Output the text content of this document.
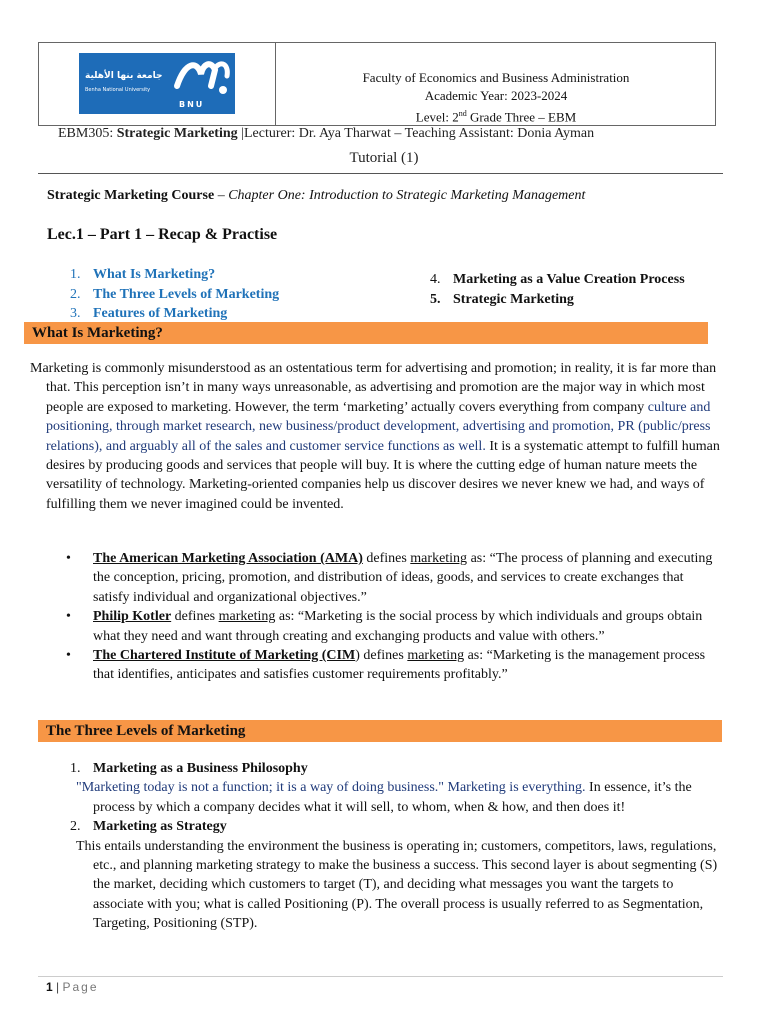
جامعة بنها الأهلية
Benha National University
BNU
Faculty of Economics and Business Administration
Academic Year: 2023-2024
Level: 2nd Grade Three – EBM
EBM305: Strategic Marketing |Lecturer: Dr. Aya Tharwat – Teaching Assistant: Donia Ayman
Tutorial (1)
Strategic Marketing Course – Chapter One: Introduction to Strategic Marketing Management
Lec.1 – Part 1 – Recap & Practise
1. What Is Marketing?
2. The Three Levels of Marketing
3. Features of Marketing
4. Marketing as a Value Creation Process
5. Strategic Marketing
What Is Marketing?
Marketing is commonly misunderstood as an ostentatious term for advertising and promotion; in reality, it is far more than that. This perception isn’t in many ways unreasonable, as advertising and promotion are the major way in which most people are exposed to marketing. However, the term ‘marketing’ actually covers everything from company culture and positioning, through market research, new business/product development, advertising and promotion, PR (public/press relations), and arguably all of the sales and customer service functions as well. It is a systematic attempt to fulfill human desires by producing goods and services that people will buy. It is where the cutting edge of human nature meets the versatility of technology. Marketing-oriented companies help us discover desires we never knew we had, and ways of fulfilling them we never imagined could be invented.
• The American Marketing Association (AMA) defines marketing as: “The process of planning and executing the conception, pricing, promotion, and distribution of ideas, goods, and services to create exchanges that satisfy individual and organizational objectives.”
• Philip Kotler defines marketing as: “Marketing is the social process by which individuals and groups obtain what they need and want through creating and exchanging products and value with others.”
• The Chartered Institute of Marketing (CIM) defines marketing as: “Marketing is the management process that identifies, anticipates and satisfies customer requirements profitably.”
The Three Levels of Marketing
1. Marketing as a Business Philosophy
"Marketing today is not a function; it is a way of doing business." Marketing is everything. In essence, it’s the process by which a company decides what it will sell, to whom, when & how, and then does it!
2. Marketing as Strategy
This entails understanding the environment the business is operating in; customers, competitors, laws, regulations, etc., and planning marketing strategy to make the business a success. This second layer is about segmenting (S) the market, deciding which customers to target (T), and deciding what messages you want the targets to associate with you; what is called Positioning (P). The overall process is usually referred to as Segmentation, Targeting, Positioning (STP).
1 | Page
